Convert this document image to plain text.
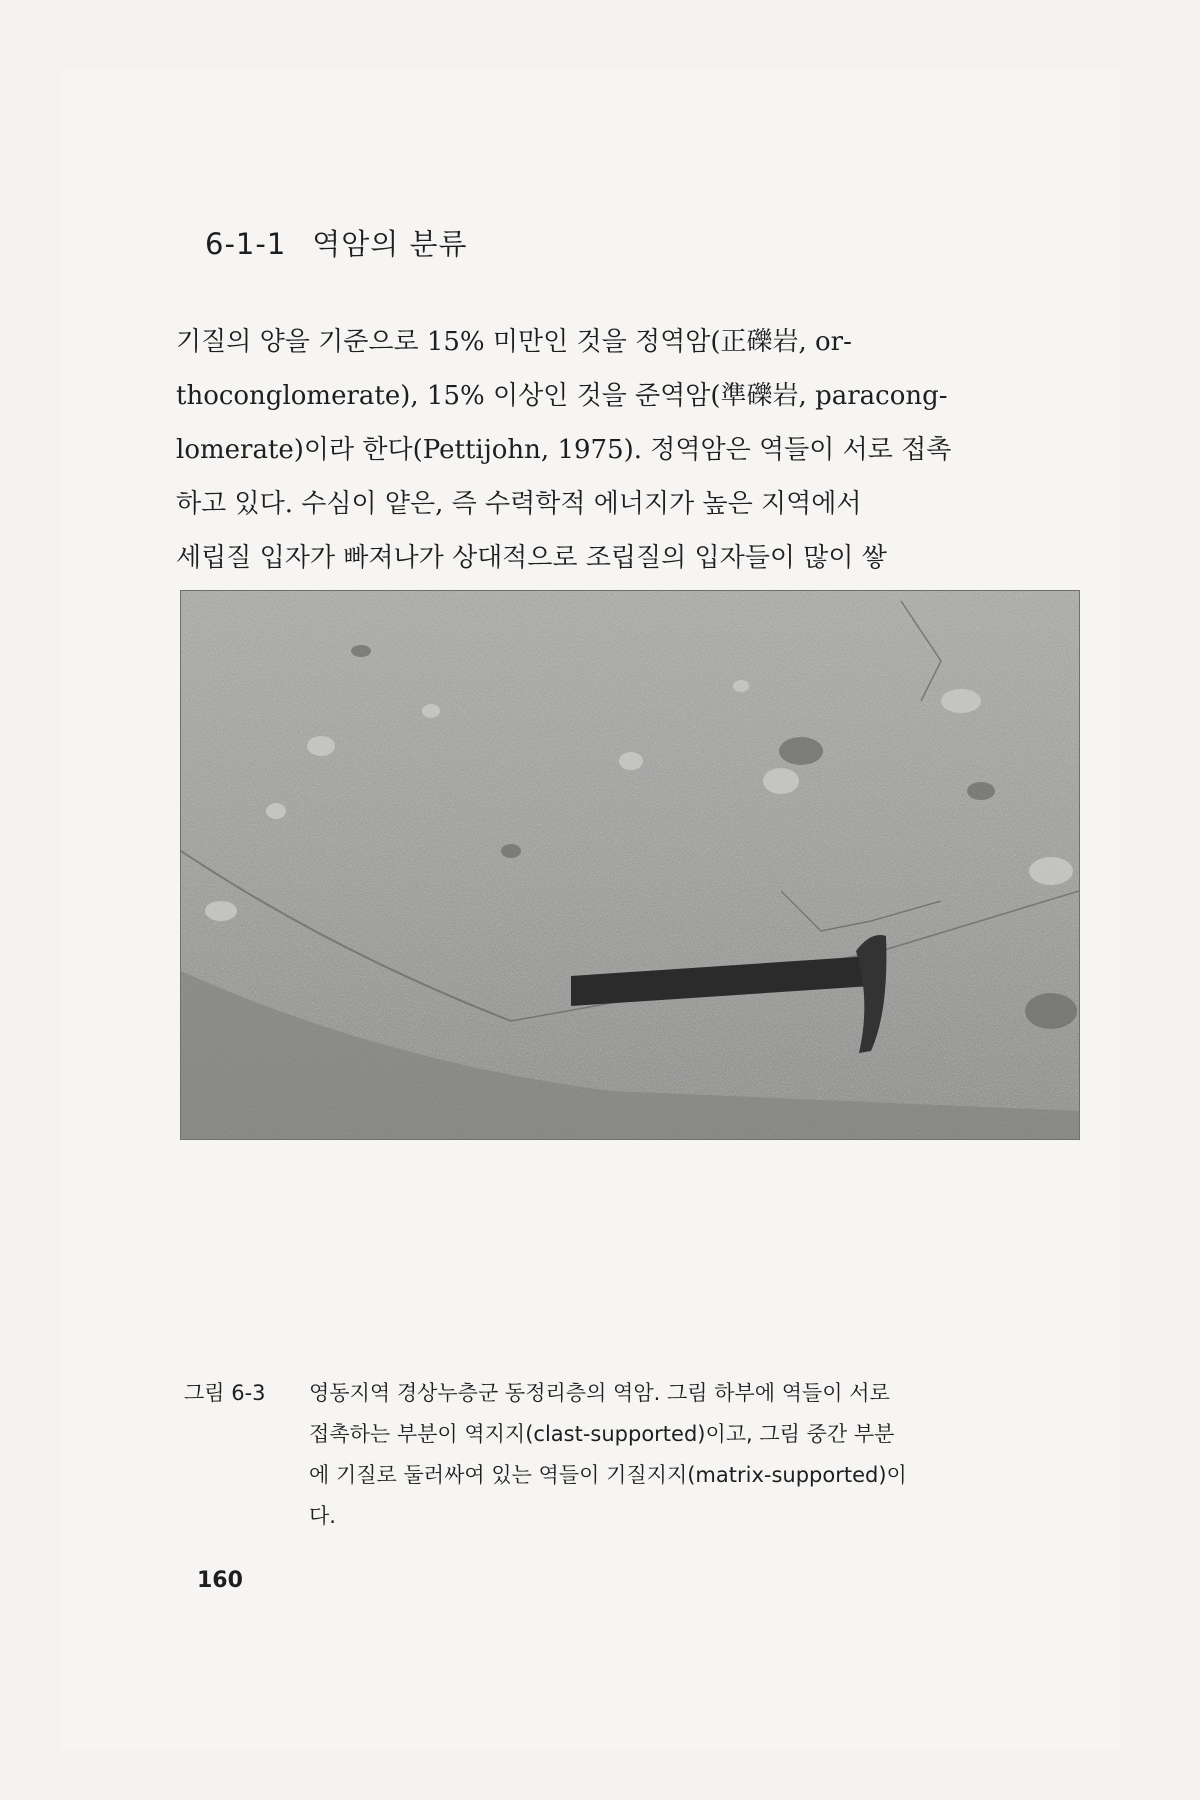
6-1-1 역암의 분류
기질의 양을 기준으로 15% 미만인 것을 정역암(正礫岩, or-
thoconglomerate), 15% 이상인 것을 준역암(準礫岩, paracong-
lomerate)이라 한다(Pettijohn, 1975). 정역암은 역들이 서로 접촉
하고 있다. 수심이 얕은, 즉 수력학적 에너지가 높은 지역에서
세립질 입자가 빠져나가 상대적으로 조립질의 입자들이 많이 쌓
그림 6-3 영동지역 경상누층군 동정리층의 역암. 그림 하부에 역들이 서로
접촉하는 부분이 역지지(clast-supported)이고, 그림 중간 부분
에 기질로 둘러싸여 있는 역들이 기질지지(matrix-supported)이
다.
160
